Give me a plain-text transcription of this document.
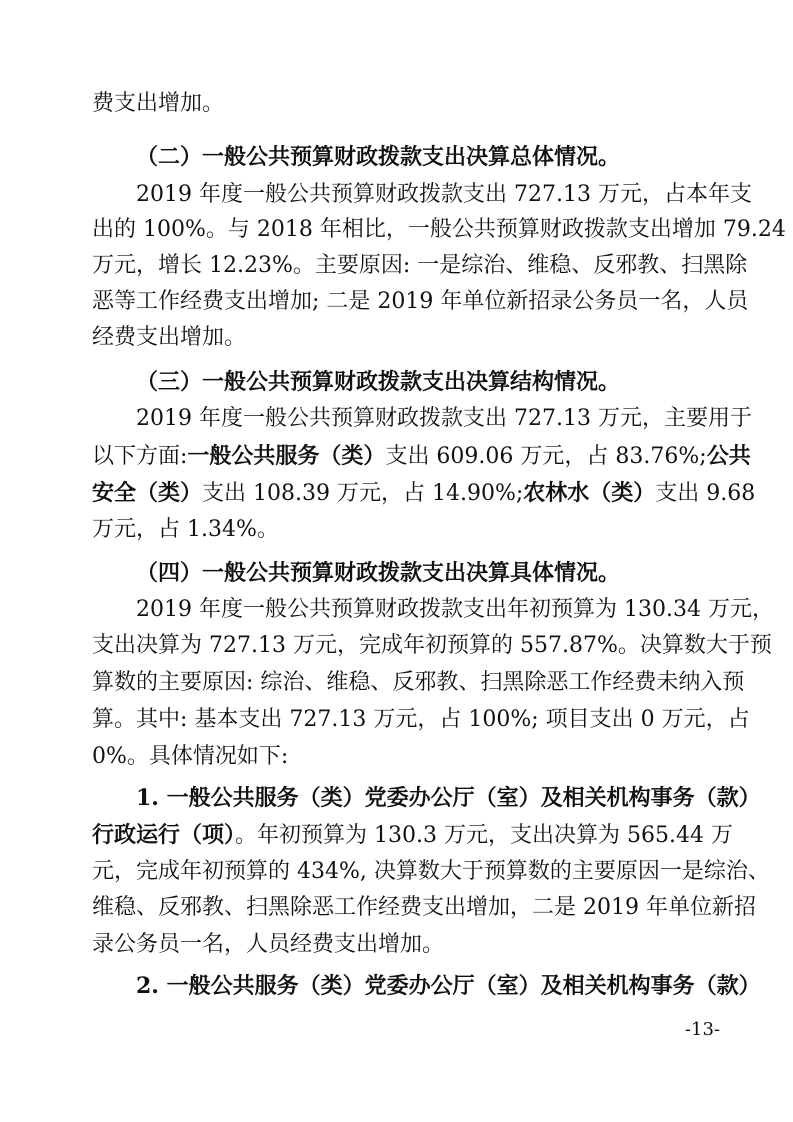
费支出增加。
（二）一般公共预算财政拨款支出决算总体情况。
2019 年度一般公共预算财政拨款支出 727.13 万元，占本年支
出的 100%。与 2018 年相比，一般公共预算财政拨款支出增加 79.24
万元，增长 12.23%。主要原因: 一是综治、维稳、反邪教、扫黑除
恶等工作经费支出增加; 二是 2019 年单位新招录公务员一名，人员
经费支出增加。
（三）一般公共预算财政拨款支出决算结构情况。
2019 年度一般公共预算财政拨款支出 727.13 万元，主要用于
以下方面:一般公共服务（类）支出 609.06 万元，占 83.76%;公共
安全（类）支出 108.39 万元，占 14.90%;农林水（类）支出 9.68
万元，占 1.34%。
（四）一般公共预算财政拨款支出决算具体情况。
2019 年度一般公共预算财政拨款支出年初预算为 130.34 万元，
支出决算为 727.13 万元，完成年初预算的 557.87%。决算数大于预
算数的主要原因: 综治、维稳、反邪教、扫黑除恶工作经费未纳入预
算。其中: 基本支出 727.13 万元，占 100%; 项目支出 0 万元，占
0%。具体情况如下:
1. 一般公共服务（类）党委办公厅（室）及相关机构事务（款）
行政运行（项）。年初预算为 130.3 万元，支出决算为 565.44 万
元，完成年初预算的 434%, 决算数大于预算数的主要原因一是综治、
维稳、反邪教、扫黑除恶工作经费支出增加，二是 2019 年单位新招
录公务员一名，人员经费支出增加。
2. 一般公共服务（类）党委办公厅（室）及相关机构事务（款）
-13-
